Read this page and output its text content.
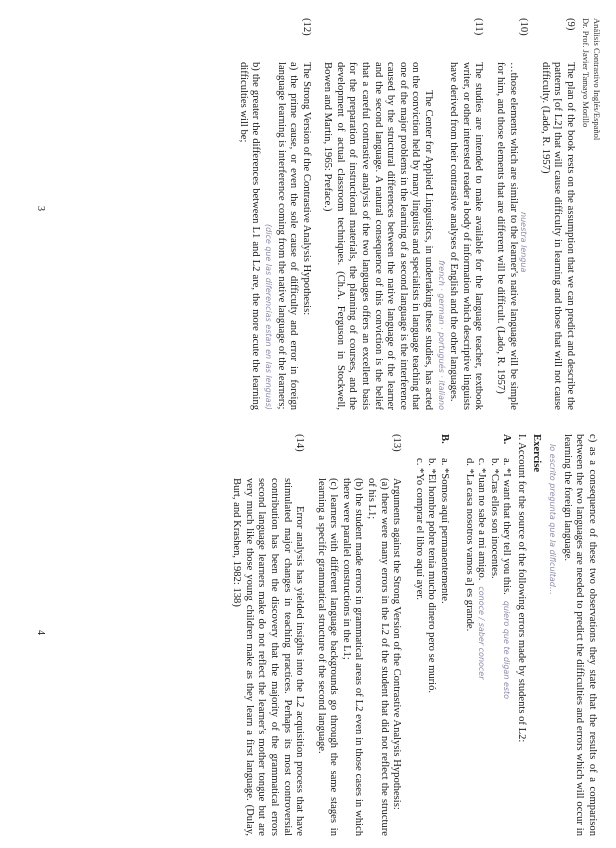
Análisis Contrastivo Inglés/Español
Dr. Prof. Javier Tamayo Morillo
(9)
The plan of the book rests on the assumption that we can predict and describe the patterns [of L2] that will cause difficulty in learning and those that will not cause difficulty. (Lado, R. 1957)
(10)
nuestra lengua

…those elements which are similar to the learner's native language will be simple for him, and those elements that are different will be difficult. (Lado, R. 1957)

(11)

The studies are intended to make available for the language teacher, textbook writer, or other interested reader a body of information which descriptive linguists have derived from their contrastive analyses of English and the other languages.

french · german · portugués · italiano

The Center for Applied Linguistics, in undertaking these studies, has acted on the conviction held by many linguists and specialists in language teaching that one of the major problems in the learning of a second language is the interference caused by the structural differences between the native language of the learner and the second language. A natural consequence of this conviction is the belief that a careful contrastive analysis of the two languages offers an excellent basis for the preparation of instructional materials, the planning of courses, and the development of actual classroom techniques. (Ch.A. Ferguson in Stockwell, Bowen and Martin, 1965: Preface.)

(12)

The Strong Version of the Contrastive Analysis Hypothesis:

a) the prime cause, or even the sole cause of difficulty and error in foreign language learning is interference coming from the native language of the learners;

(dice que las diferencias estan en las lenguas)

b) the greater the differences between L1 and L2 are, the more acute the learning difficulties will be;

3

c) as a consequence of these two observations they state that the results of a comparison between the two languages are needed to predict the difficulties and errors which will occur in learning the foreign language.

lo escrito pregunta que la dificultad…
Exercise
I. Account for the source of the following errors made by students of L2:
A.
a. *I want that they tell you this.quiero que te digan esto
b. *Cras ellos son inocentes.
c. *Juan no sabe a mi amigo.conoce / saber conocer
d. *La casa nosotros vamos a] es grande.
B.
a. *Somos aquí permanentemente.
b. *El hombre pobre tenía mucho dinero pero se murió.
c. *Yo comprar el libro aquí ayer.
(13)

Arguments against the Strong Version of the Contrastive Analysis Hypothesis:

(a) there were many errors in the L2 of the student that did not reflect the structure of his L1;

(b) the student made errors in grammatical areas of L2 even in those cases in which there were parallel constructions in the L1;

(c) learners with different language backgrounds go through the same stages in learning a specific grammatical structure of the second language.

(14)

Error analysis has yielded insights into the L2 acquisition process that have stimulated major changes in teaching practices. Perhaps its most controversial contribution has been the discovery that the majority of the grammatical errors second language learners make do not reflect the learner's mother tongue but are very much like those young children make as they learn a first language. (Dulay, Burt, and Krashen, 1982: 138)

4
